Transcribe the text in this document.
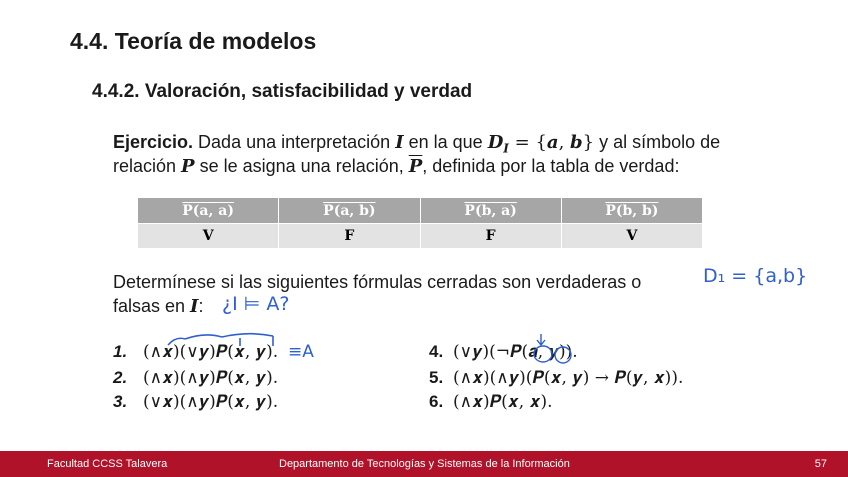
4.4. Teoría de modelos
4.4.2. Valoración, satisfacibilidad y verdad

Ejercicio. Dada una interpretación I en la que $D_I = \{a$, b} y al símbolo de

relación P se le asigna una relación, $\overline{P}$, definida por la tabla de verdad:

P(a, a)	P(a, b)	P(b, a)	P(b, b)
V	F	F	V

Determínese si las siguientes fórmulas cerradas son verdaderas o

falsas en I:

1. (∧𝒙)(∨𝒚)𝑷(𝒙, 𝒚).
2. (∧𝒙)(∧𝒚)𝑷(𝒙, 𝒚).
3. (∨𝒙)(∧𝒚)𝑷(𝒙, 𝒚).
4. (∨𝒚)(¬𝑷(𝒂, 𝒚)).
5. (∧𝒙)(∧𝒚)(𝑷(𝒙, 𝒚) → 𝑷(𝒚, 𝒙)).
6. (∧𝒙)𝑷(𝒙, 𝒙).
D₁ = {a,b}
¿I ⊨ A?
≡A
Facultad CCSS Talavera	Departamento de Tecnologías y Sistemas de la Información	57
